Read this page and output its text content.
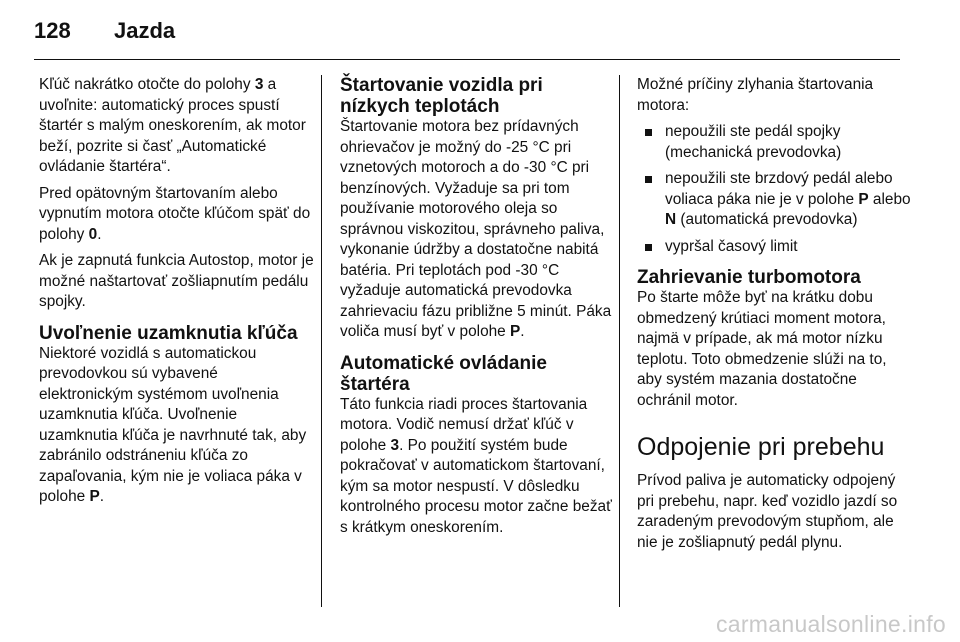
128 Jazda

Kľúč nakrátko otočte do polohy 3 a uvoľnite: automatický proces spustí štartér s malým oneskorením, ak motor beží, pozrite si časť „Automatické ovládanie štartéra“.

Pred opätovným štartovaním alebo vypnutím motora otočte kľúčom späť do polohy 0.

Ak je zapnutá funkcia Autostop, motor je možné naštartovať zošliapnutím pedálu spojky.

Uvoľnenie uzamknutia kľúča

Niektoré vozidlá s automatickou prevodovkou sú vybavené elektronickým systémom uvoľnenia uzamknutia kľúča. Uvoľnenie uzamknutia kľúča je navrhnuté tak, aby zabránilo odstráneniu kľúča zo zapaľovania, kým nie je voliaca páka v polohe P.

Štartovanie vozidla pri nízkych teplotách

Štartovanie motora bez prídavných ohrievačov je možný do -25 °C pri vznetových motoroch a do -30 °C pri benzínových. Vyžaduje sa pri tom používanie motorového oleja so správnou viskozitou, správneho paliva, vykonanie údržby a dostatočne nabitá batéria. Pri teplotách pod -30 °C vyžaduje automatická prevodovka zahrievaciu fázu približne 5 minút. Páka voliča musí byť v polohe P.

Automatické ovládanie štartéra

Táto funkcia riadi proces štartovania motora. Vodič nemusí držať kľúč v polohe 3. Po použití systém bude pokračovať v automatickom štartovaní, kým sa motor nespustí. V dôsledku kontrolného procesu motor začne bežať s krátkym oneskorením.

Možné príčiny zlyhania štartovania motora:

nepoužili ste pedál spojky (mechanická prevodovka)
nepoužili ste brzdový pedál alebo voliaca páka nie je v polohe P alebo N (automatická prevodovka)
vypršal časový limit
Zahrievanie turbomotora

Po štarte môže byť na krátku dobu obmedzený krútiaci moment motora, najmä v prípade, ak má motor nízku teplotu. Toto obmedzenie slúži na to, aby systém mazania dostatočne ochránil motor.

Odpojenie pri prebehu

Prívod paliva je automaticky odpojený pri prebehu, napr. keď vozidlo jazdí so zaradeným prevodovým stupňom, ale nie je zošliapnutý pedál plynu.

carmanualsonline.info
